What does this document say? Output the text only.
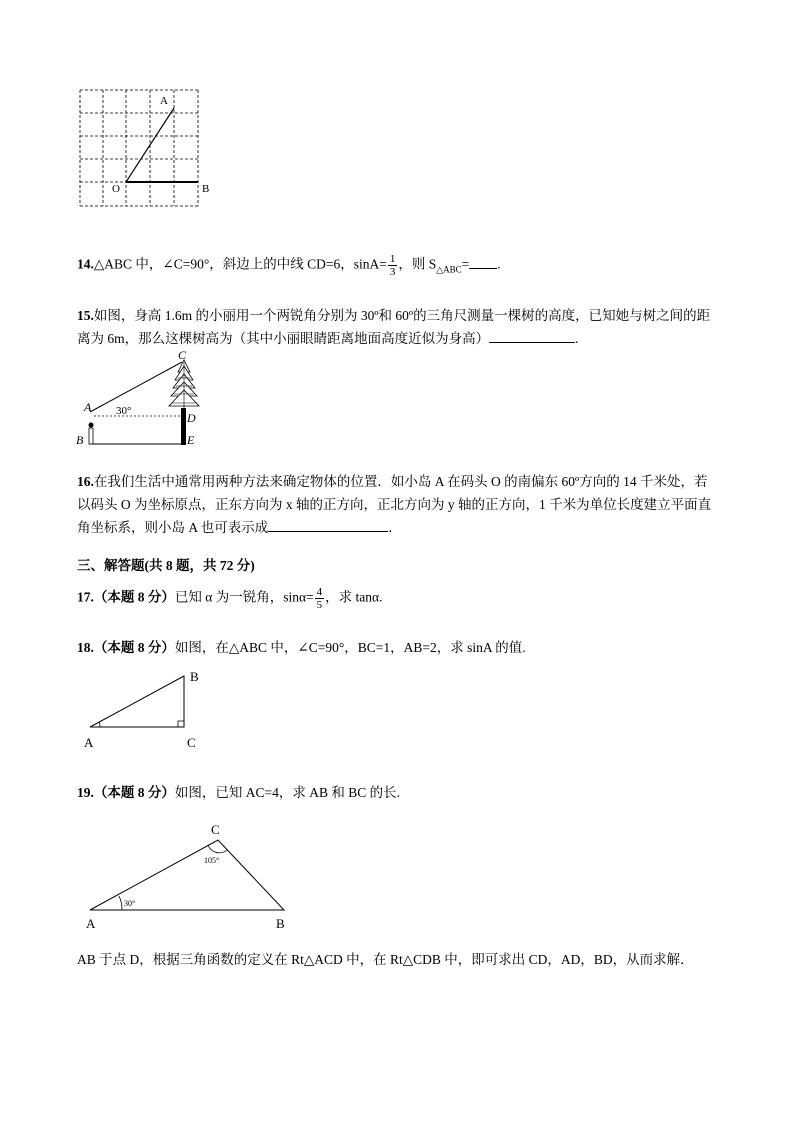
A
O	B
14.△ABC 中，∠C=90°，斜边上的中线 CD=6，$\sin A= \frac{1}{3}$ ，则 $S_{\triangle ABC}=$ .
15.如图，身高 1.6m 的小丽用一个两锐角分别为 30º和 60º的三角尺测量一棵树的高度，已知她与树之间的距
离为 6m，那么这棵树高为（其中小丽眼睛距离地面高度近似为身高）	.
C
A 30°	D
B	E
16.在我们生活中通常用两种方法来确定物体的位置．如小岛 A 在码头 O 的南偏东 60º方向的 14 千米处，若
以码头 O 为坐标原点，正东方向为 x 轴的正方向，正北方向为 y 轴的正方向，1 千米为单位长度建立平面直
角坐标系，则小岛 A 也可表示成	．
三、解答题(共 8 题，共 72 分)
17.（本题 8 分）已知 α 为一锐角，$\sin\alpha= \frac{4}{5}$ ，求 tanα.
18.（本题 8 分）如图，在△ABC 中，∠C=90°，BC=1，AB=2，求 sinA 的值.
A
B
C
19.（本题 8 分）如图，已知 AC=4，求 AB 和 BC 的长.
A	B
C
30°
105°
AB 于点 D，根据三角函数的定义在 Rt△ACD 中，在 Rt△CDB 中，即可求出 CD，AD，BD，从而求解．
